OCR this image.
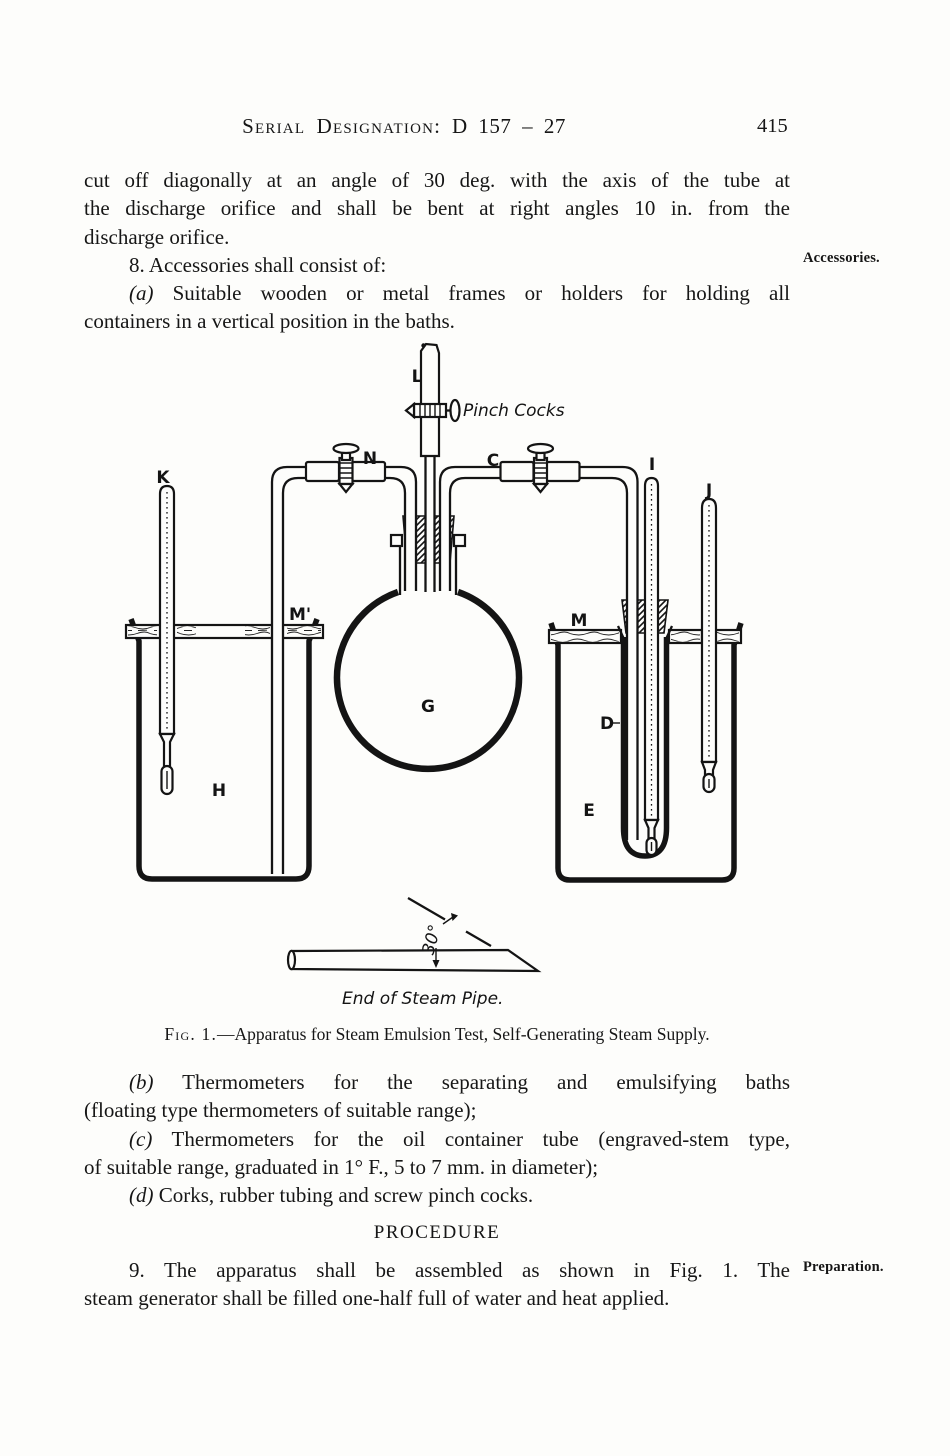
Serial Designation: D 157 – 27	415
cut off diagonally at an angle of 30 deg. with the axis of the tube at
the discharge orifice and shall be bent at right angles 10 in. from the
discharge orifice.
8. Accessories shall consist of:
(a) Suitable wooden or metal frames or holders for holding all
containers in a vertical position in the baths.
Accessories.
30°
End of Steam Pipe.
K
M'
N
L
Pinch Cocks
C	I
J
M
G
D
H
E
Fig. 1.—Apparatus for Steam Emulsion Test, Self-Generating Steam Supply.
(b) Thermometers for the separating and emulsifying baths
(floating type thermometers of suitable range);
(c) Thermometers for the oil container tube (engraved-stem type,
of suitable range, graduated in 1° F., 5 to 7 mm. in diameter);
(d) Corks, rubber tubing and screw pinch cocks.
PROCEDURE
9. The apparatus shall be assembled as shown in Fig. 1. The
steam generator shall be filled one-half full of water and heat applied.
Preparation.
